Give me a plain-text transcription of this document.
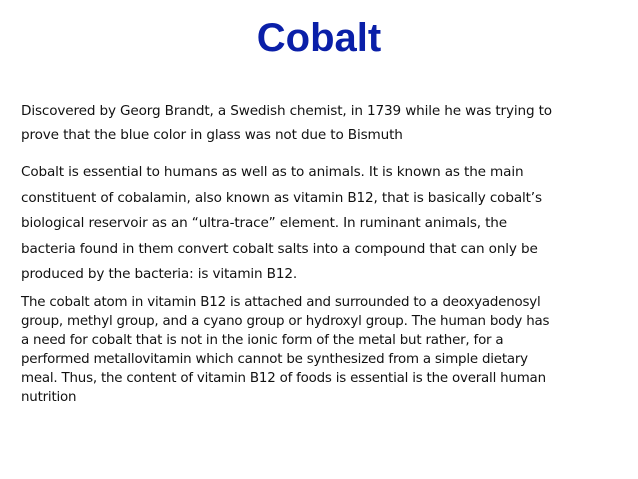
Cobalt

Discovered by Georg Brandt, a Swedish chemist, in 1739 while he was trying to
prove that the blue color in glass was not due to Bismuth

Cobalt is essential to humans as well as to animals. It is known as the main
constituent of cobalamin, also known as vitamin B12, that is basically cobalt’s
biological reservoir as an “ultra-trace” element. In ruminant animals, the
bacteria found in them convert cobalt salts into a compound that can only be
produced by the bacteria: is vitamin B12.

The cobalt atom in vitamin B12 is attached and surrounded to a deoxyadenosyl
group, methyl group, and a cyano group or hydroxyl group. The human body has
a need for cobalt that is not in the ionic form of the metal but rather, for a
performed metallovitamin which cannot be synthesized from a simple dietary
meal. Thus, the content of vitamin B12 of foods is essential is the overall human
nutrition
